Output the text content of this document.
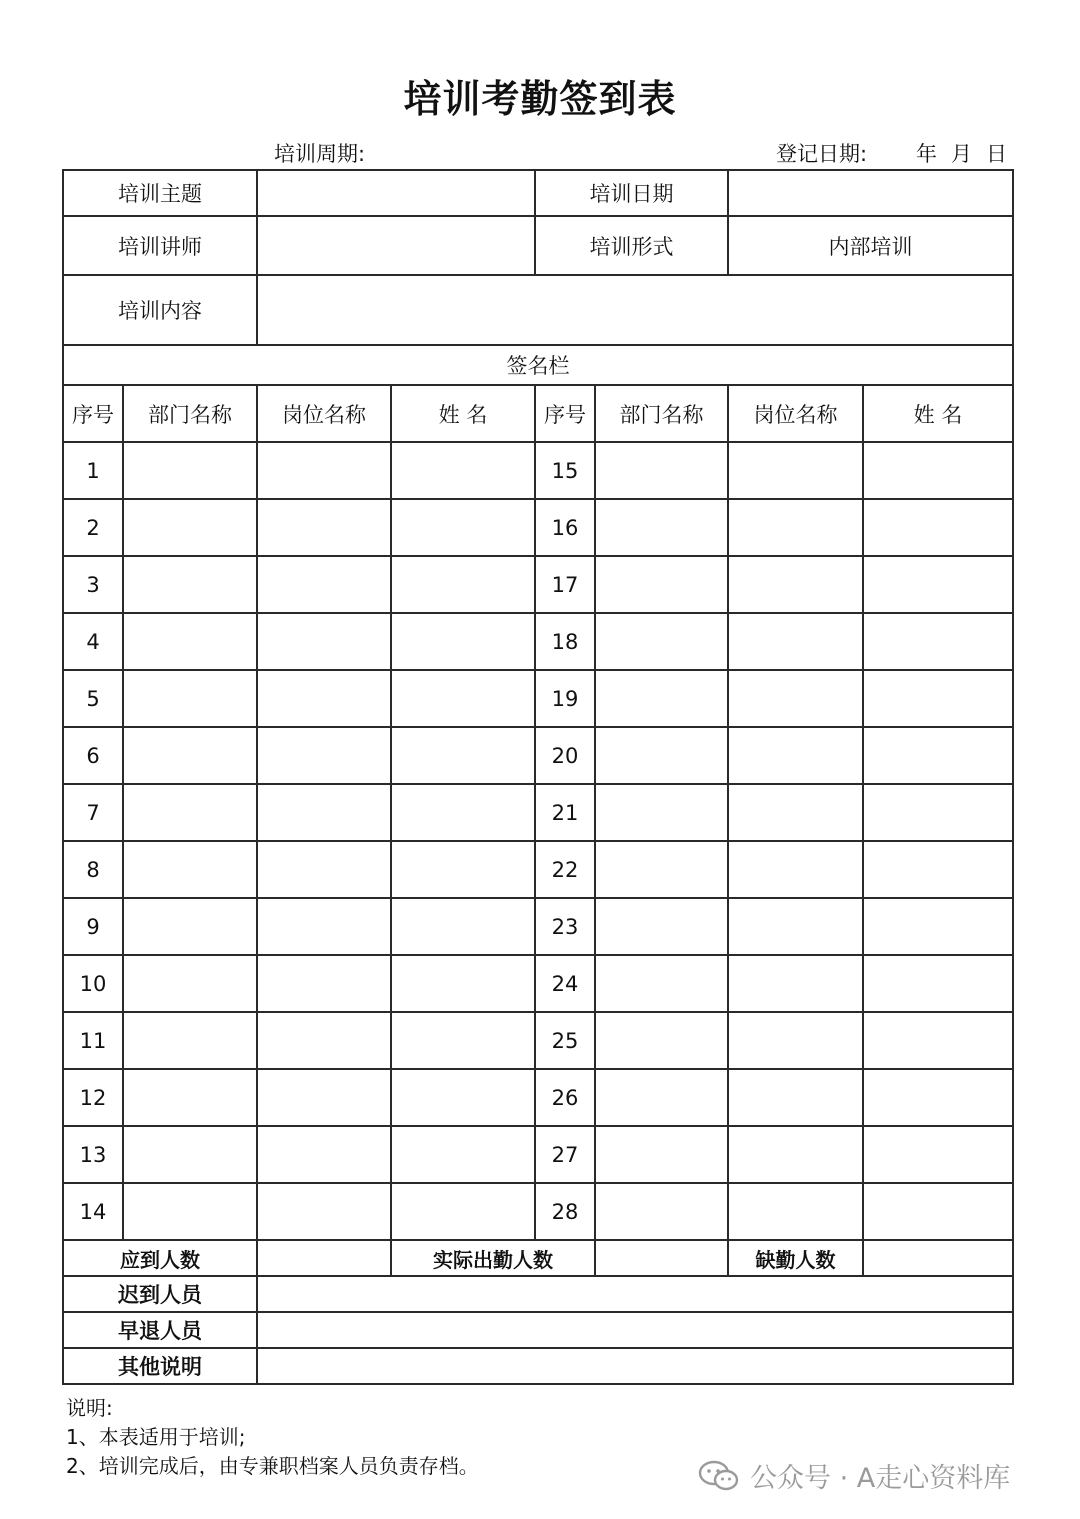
培训考勤签到表
培训周期:	登记日期: 年 月 日
培训主题				培训日期			
培训讲师				培训形式		内部培训	
培训内容							
签名栏							
序号	部门名称	岗位名称	姓 名	序号	部门名称	岗位名称	姓 名
1				15			
2				16			
3				17			
4				18			
5				19			
6				20			
7				21			
8				22			
9				23			
10				24			
11				25			
12				26			
13				27			
14				28			
应到人数			实际出勤人数			缺勤人数	
迟到人员							
早退人员							
其他说明							
说明:
1、本表适用于培训;
2、培训完成后，由专兼职档案人员负责存档。	公众号 · A走心资料库
